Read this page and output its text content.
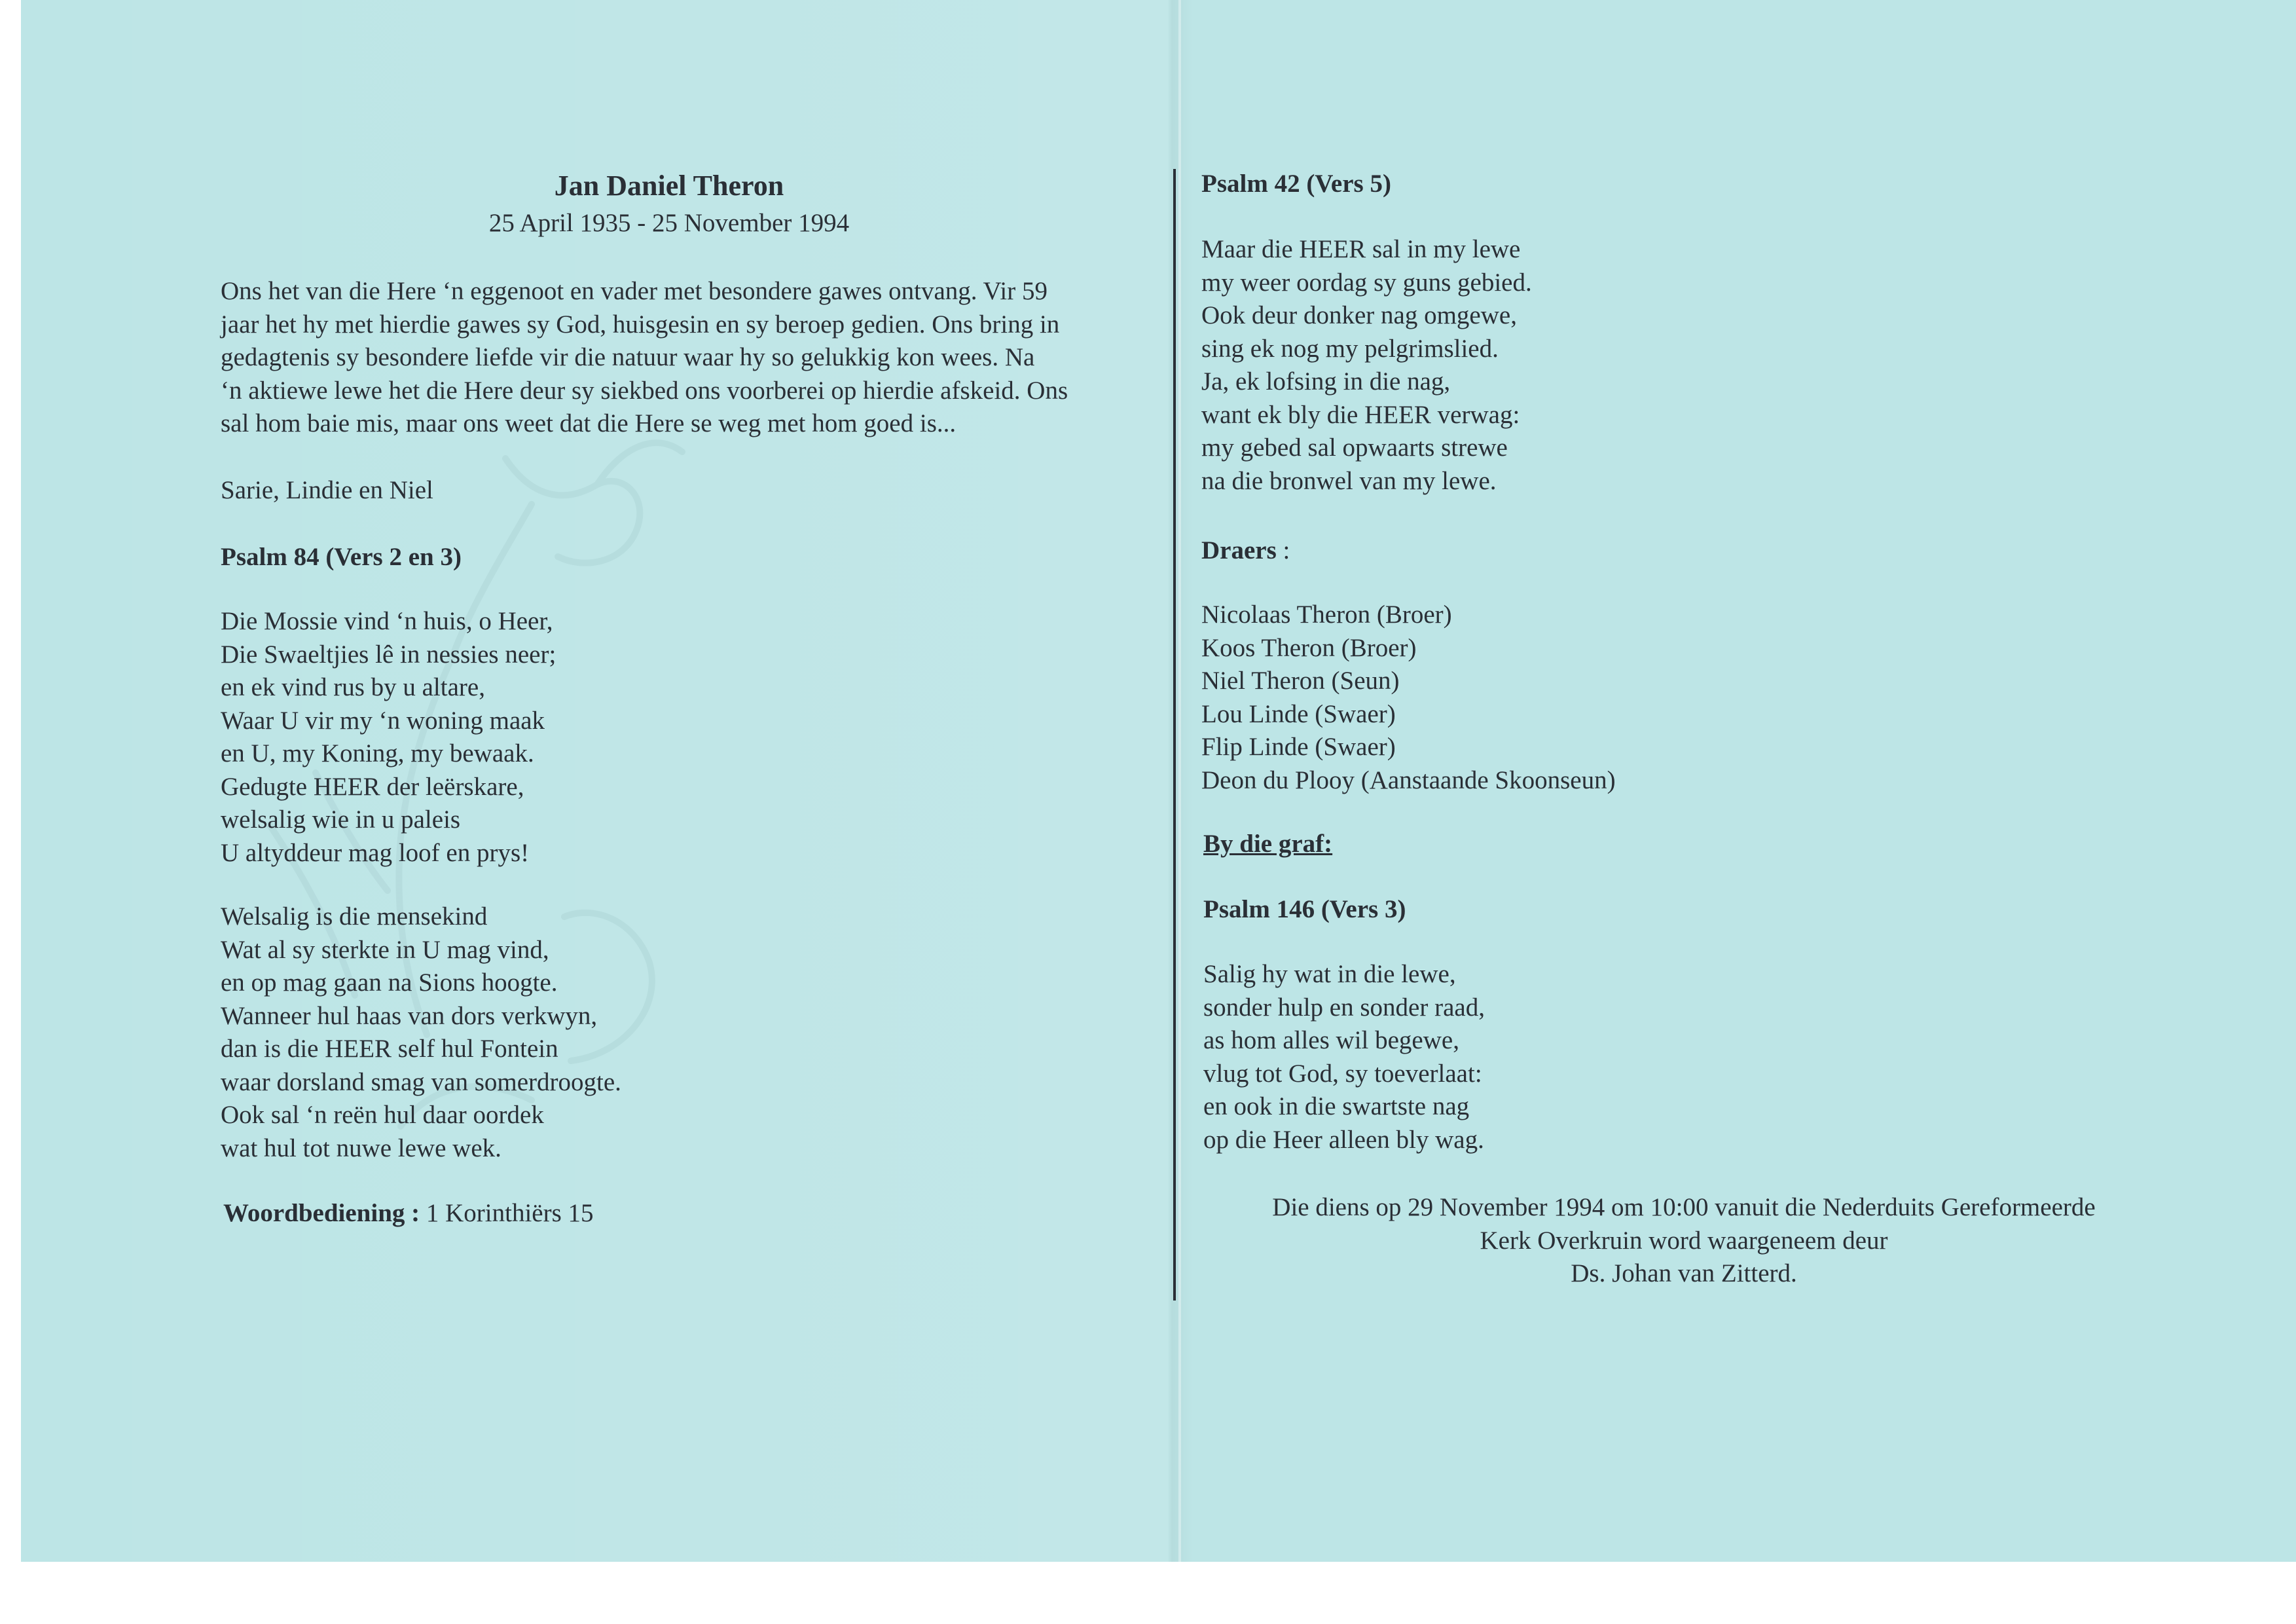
Jan Daniel Theron
25 April 1935 - 25 November 1994
Ons het van die Here ‘n eggenoot en vader met besondere gawes ontvang. Vir 59
jaar het hy met hierdie gawes sy God, huisgesin en sy beroep gedien. Ons bring in
gedagtenis sy besondere liefde vir die natuur waar hy so gelukkig kon wees. Na
‘n aktiewe lewe het die Here deur sy siekbed ons voorberei op hierdie afskeid. Ons
sal hom baie mis, maar ons weet dat die Here se weg met hom goed is...
Sarie, Lindie en Niel
Psalm 84 (Vers 2 en 3)
Die Mossie vind ‘n huis, o Heer,
Die Swaeltjies lê in nessies neer;
en ek vind rus by u altare,
Waar U vir my ‘n woning maak
en U, my Koning, my bewaak.
Gedugte HEER der leërskare,
welsalig wie in u paleis
U altyddeur mag loof en prys!
Welsalig is die mensekind
Wat al sy sterkte in U mag vind,
en op mag gaan na Sions hoogte.
Wanneer hul haas van dors verkwyn,
dan is die HEER self hul Fontein
waar dorsland smag van somerdroogte.
Ook sal ‘n reën hul daar oordek
wat hul tot nuwe lewe wek.
Woordbediening : 1 Korinthiërs 15
Psalm 42 (Vers 5)
Maar die HEER sal in my lewe
my weer oordag sy guns gebied.
Ook deur donker nag omgewe,
sing ek nog my pelgrimslied.
Ja, ek lofsing in die nag,
want ek bly die HEER verwag:
my gebed sal opwaarts strewe
na die bronwel van my lewe.
Draers :
Nicolaas Theron (Broer)
Koos Theron (Broer)
Niel Theron (Seun)
Lou Linde (Swaer)
Flip Linde (Swaer)
Deon du Plooy (Aanstaande Skoonseun)
By die graf:
Psalm 146 (Vers 3)
Salig hy wat in die lewe,
sonder hulp en sonder raad,
as hom alles wil begewe,
vlug tot God, sy toeverlaat:
en ook in die swartste nag
op die Heer alleen bly wag.
Die diens op 29 November 1994 om 10:00 vanuit die Nederduits Gereformeerde
Kerk Overkruin word waargeneem deur
Ds. Johan van Zitterd.
